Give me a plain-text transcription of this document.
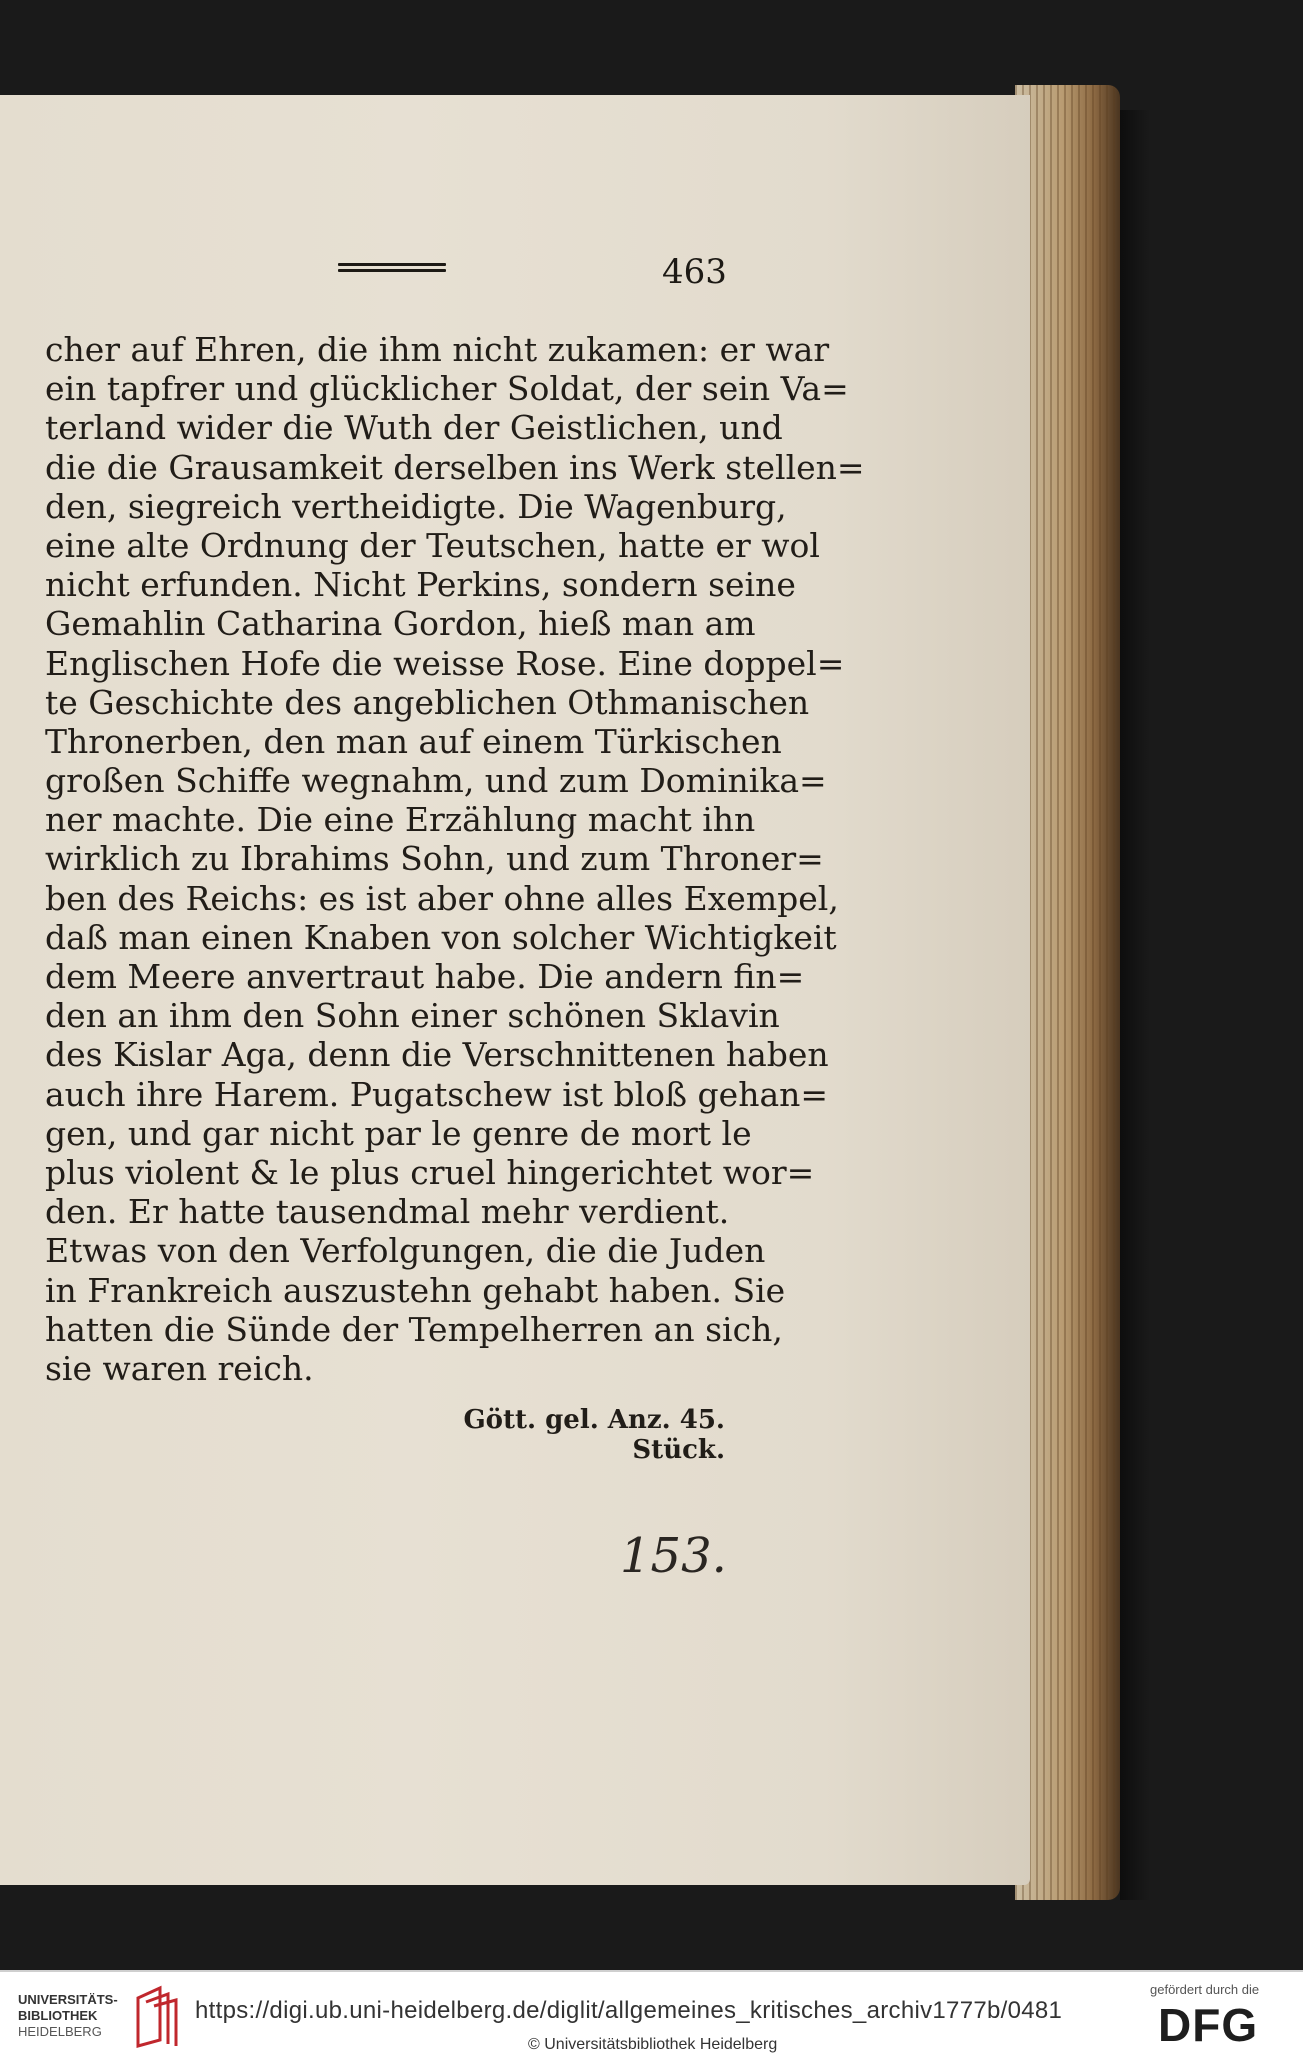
463
cher auf Ehren, die ihm nicht zukamen: er war
ein tapfrer und glücklicher Soldat, der sein Va=
terland wider die Wuth der Geistlichen, und
die die Grausamkeit derselben ins Werk stellen=
den, siegreich vertheidigte. Die Wagenburg,
eine alte Ordnung der Teutschen, hatte er wol
nicht erfunden. Nicht Perkins, sondern seine
Gemahlin Catharina Gordon, hieß man am
Englischen Hofe die weisse Rose. Eine doppel=
te Geschichte des angeblichen Othmanischen
Thronerben, den man auf einem Türkischen
großen Schiffe wegnahm, und zum Dominika=
ner machte. Die eine Erzählung macht ihn
wirklich zu Ibrahims Sohn, und zum Throner=
ben des Reichs: es ist aber ohne alles Exempel,
daß man einen Knaben von solcher Wichtigkeit
dem Meere anvertraut habe. Die andern fin=
den an ihm den Sohn einer schönen Sklavin
des Kislar Aga, denn die Verschnittenen haben
auch ihre Harem. Pugatschew ist bloß gehan=
gen, und gar nicht par le genre de mort le
plus violent & le plus cruel hingerichtet wor=
den. Er hatte tausendmal mehr verdient.
Etwas von den Verfolgungen, die die Juden
in Frankreich auszustehn gehabt haben. Sie
hatten die Sünde der Tempelherren an sich,
sie waren reich.
Gött. gel. Anz. 45. Stück.
153.
UNIVERSITÄTS-
BIBLIOTHEK
HEIDELBERG
https://digi.ub.uni-heidelberg.de/diglit/allgemeines_kritisches_archiv1777b/0481
© Universitätsbibliothek Heidelberg
gefördert durch die
DFG
